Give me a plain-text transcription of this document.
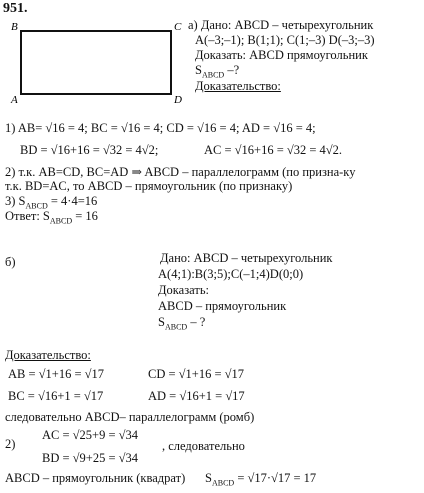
951.
B	C
A	D
а) Дано: ABCD – четырехугольник
A(–3;–1); B(1;1); C(1;–3) D(–3;–3)
Доказать: ABCD прямоугольник
$S_{ABCD}$ –?
Доказательство:
1) AB= √16 = 4; BC = √16 = 4; CD = √16 = 4; AD = √16 = 4;
BD = √16+16 = √32 = 4√2;	AC = √16+16 = √32 = 4√2.
2) т.к. AB=CD, BC=AD ⇒ ABCD – параллелограмм (по призна-ку
т.к. BD=AC, то ABCD – прямоугольник (по признаку)
3) $S_{ABCD} = 4\cdot 4=16$
Ответ: $S_{ABCD} = 16$
б)	Дано: ABCD – четырехугольник
A(4;1):B(3;5);C(–1;4)D(0;0)
Доказать:
ABCD – прямоугольник
$S_{ABCD}$ – ?
Доказательство:
AB = √1+16 = √17	CD = √1+16 = √17
BC = √16+1 = √17	AD = √16+1 = √17
следовательно ABCD– параллелограмм (ромб)
2)
AC = √25+9 = √34
BD = √9+25 = √34
, следовательно
ABCD – прямоугольник (квадрат) $S_{ABCD} = √17\cdot√17 = 17$
